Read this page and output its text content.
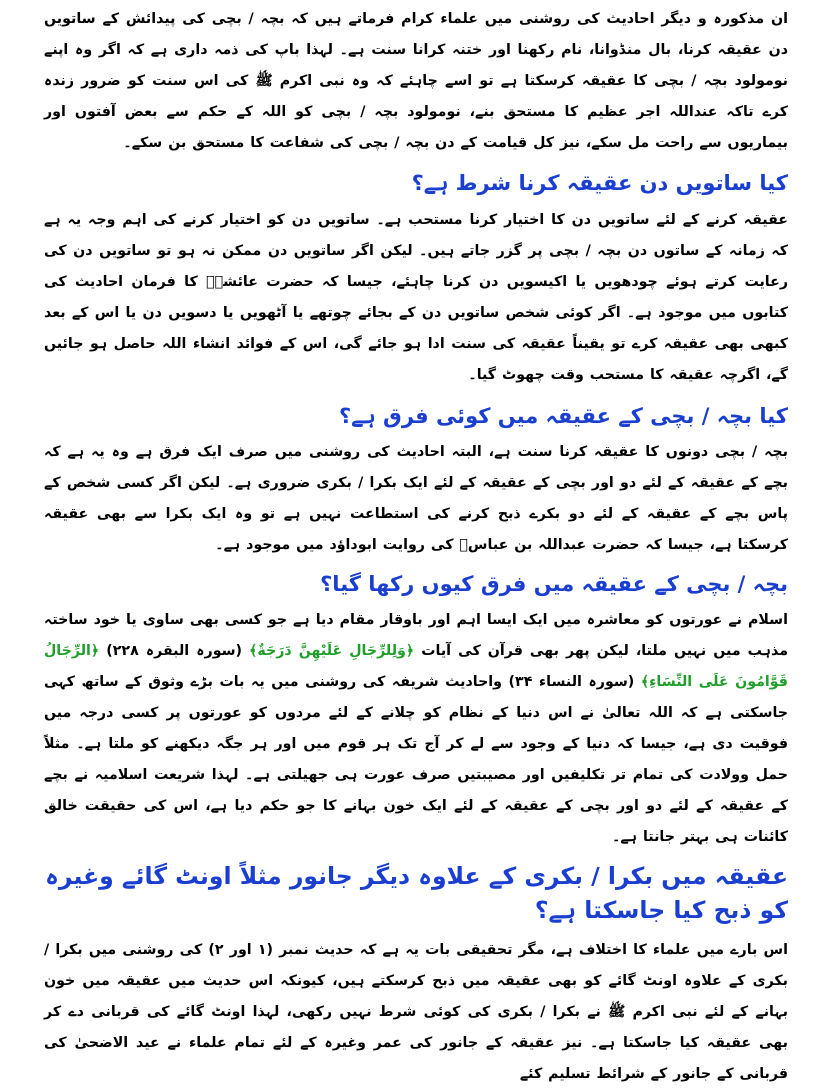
ان مذکورہ و دیگر احادیث کی روشنی میں علماء کرام فرماتے ہیں کہ بچہ / بچی کی پیدائش کے ساتویں دن عقیقہ کرنا، بال منڈوانا، نام رکھنا اور ختنہ کرانا سنت ہے۔ لہذا باپ کی ذمہ داری ہے کہ اگر وہ اپنے نومولود بچہ / بچی کا عقیقہ کرسکتا ہے تو اسے چاہئے کہ وہ نبی اکرم ﷺ کی اس سنت کو ضرور زندہ کرے تاکہ عنداللہ اجر عظیم کا مستحق بنے، نومولود بچہ / بچی کو اللہ کے حکم سے بعض آفتوں اور بیماریوں سے راحت مل سکے، نیز کل قیامت کے دن بچہ / بچی کی شفاعت کا مستحق بن سکے۔

کیا ساتویں دن عقیقہ کرنا شرط ہے؟

عقیقہ کرنے کے لئے ساتویں دن کا اختیار کرنا مستحب ہے۔ ساتویں دن کو اختیار کرنے کی اہم وجہ یہ ہے کہ زمانہ کے ساتوں دن بچہ / بچی پر گزر جاتے ہیں۔ لیکن اگر ساتویں دن ممکن نہ ہو تو ساتویں دن کی رعایت کرتے ہوئے چودھویں یا اکیسویں دن کرنا چاہئے، جیسا کہ حضرت عائشہؓ کا فرمان احادیث کی کتابوں میں موجود ہے۔ اگر کوئی شخص ساتویں دن کے بجائے چوتھے یا آٹھویں یا دسویں دن یا اس کے بعد کبھی بھی عقیقہ کرے تو یقیناً عقیقہ کی سنت ادا ہو جائے گی، اس کے فوائد انشاء اللہ حاصل ہو جائیں گے، اگرچہ عقیقہ کا مستحب وقت چھوٹ گیا۔

کیا بچہ / بچی کے عقیقہ میں کوئی فرق ہے؟

بچہ / بچی دونوں کا عقیقہ کرنا سنت ہے، البتہ احادیث کی روشنی میں صرف ایک فرق ہے وہ یہ ہے کہ بچے کے عقیقہ کے لئے دو اور بچی کے عقیقہ کے لئے ایک بکرا / بکری ضروری ہے۔ لیکن اگر کسی شخص کے پاس بچے کے عقیقہ کے لئے دو بکرے ذبح کرنے کی استطاعت نہیں ہے تو وہ ایک بکرا سے بھی عقیقہ کرسکتا ہے، جیسا کہ حضرت عبداللہ بن عباسؓ کی روایت ابوداؤد میں موجود ہے۔

بچہ / بچی کے عقیقہ میں فرق کیوں رکھا گیا؟

اسلام نے عورتوں کو معاشرہ میں ایک ایسا اہم اور باوقار مقام دیا ہے جو کسی بھی ساوی یا خود ساختہ مذہب میں نہیں ملتا، لیکن پھر بھی قرآن کی آیات ﴿وَلِلرِّجَالِ عَلَيْهِنَّ دَرَجَةٌ﴾ (سورہ البقرہ ۲۲۸) ﴿الرِّجَالُ قَوَّامُونَ عَلَى النِّسَاءِ﴾ (سورہ النساء ۳۴) واحادیث شریفہ کی روشنی میں یہ بات بڑے وثوق کے ساتھ کہی جاسکتی ہے کہ اللہ تعالیٰ نے اس دنیا کے نظام کو چلانے کے لئے مردوں کو عورتوں پر کسی درجہ میں فوقیت دی ہے، جیسا کہ دنیا کے وجود سے لے کر آج تک ہر قوم میں اور ہر جگہ دیکھنے کو ملتا ہے۔ مثلاً حمل وولادت کی تمام تر تکلیفیں اور مصیبتیں صرف عورت ہی جھیلتی ہے۔ لہذا شریعت اسلامیہ نے بچے کے عقیقہ کے لئے دو اور بچی کے عقیقہ کے لئے ایک خون بہانے کا جو حکم دیا ہے، اس کی حقیقت خالق کائنات ہی بہتر جانتا ہے۔

عقیقہ میں بکرا / بکری کے علاوہ دیگر جانور مثلاً اونٹ گائے وغیرہ کو ذبح کیا جاسکتا ہے؟

اس بارے میں علماء کا اختلاف ہے، مگر تحقیقی بات یہ ہے کہ حدیث نمبر (۱ اور ۲) کی روشنی میں بکرا / بکری کے علاوہ اونٹ گائے کو بھی عقیقہ میں ذبح کرسکتے ہیں، کیونکہ اس حدیث میں عقیقہ میں خون بہانے کے لئے نبی اکرم ﷺ نے بکرا / بکری کی کوئی شرط نہیں رکھی، لہذا اونٹ گائے کی قربانی دے کر بھی عقیقہ کیا جاسکتا ہے۔ نیز عقیقہ کے جانور کی عمر وغیرہ کے لئے تمام علماء نے عید الاضحیٰ کی قربانی کے جانور کے شرائط تسلیم کئے
